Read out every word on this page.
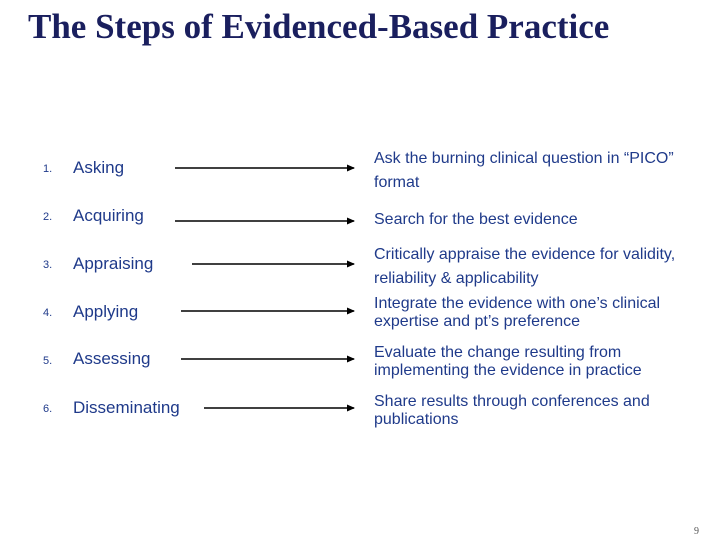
The Steps of Evidenced-Based Practice
1.	Asking	Ask the burning clinical question in “PICO” format
2.	Acquiring	Search for the best evidence
3.	Appraising	Critically appraise the evidence for validity, reliability & applicability
4.	Applying	Integrate the evidence with one’s clinical expertise and pt’s preference
5.	Assessing	Evaluate the change resulting from implementing the evidence in practice
6.	Disseminating	Share results through conferences and publications
9
